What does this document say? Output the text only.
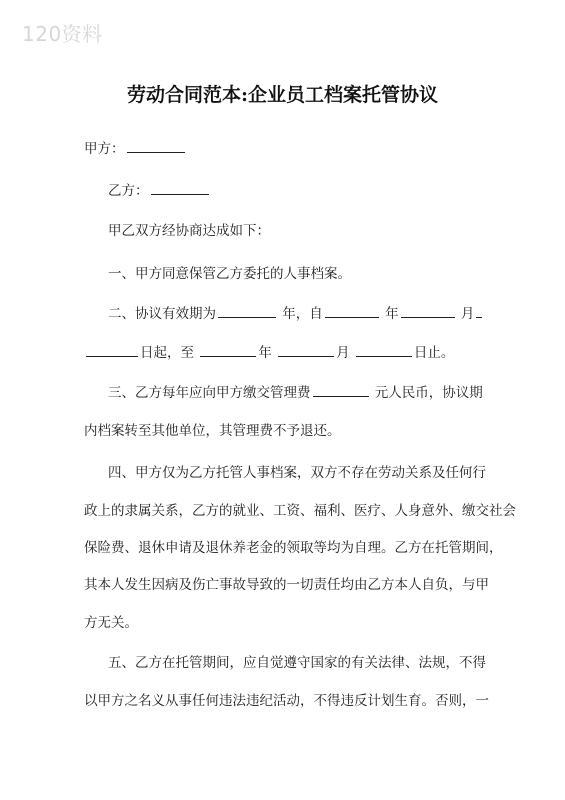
120资料
劳动合同范本:企业员工档案托管协议
甲方：
乙方：
甲乙双方经协商达成如下：
一、甲方同意保管乙方委托的人事档案。
二、协议有效期为	年，自	年	月
日起，至	年	月	日止。
三、乙方每年应向甲方缴交管理费	元人民币，协议期
内档案转至其他单位，其管理费不予退还。
四、甲方仅为乙方托管人事档案，双方不存在劳动关系及任何行
政上的隶属关系，乙方的就业、工资、福利、医疗、人身意外、缴交社会
保险费、退休申请及退休养老金的领取等均为自理。乙方在托管期间，
其本人发生因病及伤亡事故导致的一切责任均由乙方本人自负，与甲
方无关。
五、乙方在托管期间，应自觉遵守国家的有关法律、法规，不得
以甲方之名义从事任何违法违纪活动，不得违反计划生育。否则，一
